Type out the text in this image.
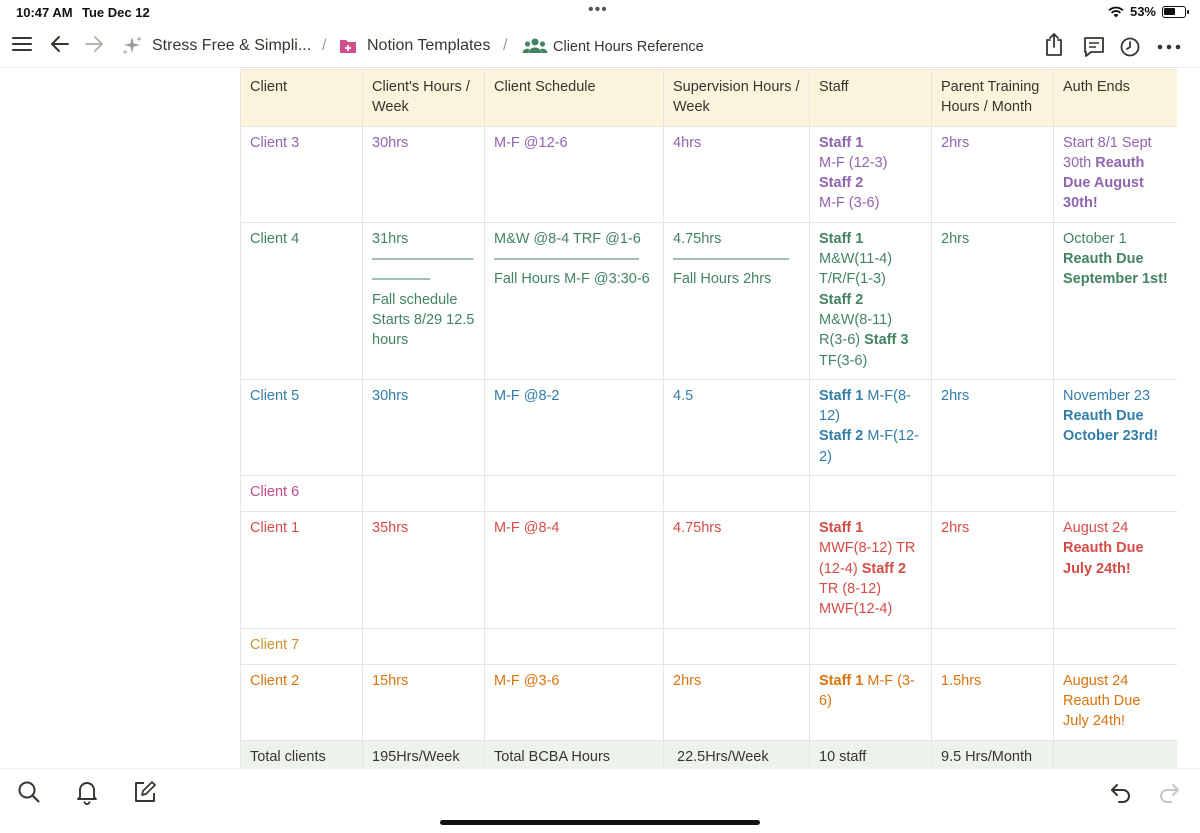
10:47 AM Tue Dec 12	•••	53%
Stress Free & Simpli... /	Notion Templates /	Client Hours Reference
Client	Client's Hours / Week	Client Schedule	Supervision Hours / Week	Staff	Parent Training Hours / Month	Auth Ends
Client 3	30hrs	M-F @12-6	4hrs	Staff 1
M-F (12-3)
Staff 2
M-F (3-6)	2hrs	Start 8/1 Sept 30th Reauth Due August 30th!
Client 4	31hrs
———————————
Fall schedule Starts 8/29 12.5 hours	M&W @8-4 TRF @1-6
——————————Fall Hours M-F @3:30-6	4.75hrs
————————
Fall Hours 2hrs	Staff 1
M&W(11-4) T/R/F(1-3)
Staff 2
M&W(8-11) R(3-6) Staff 3
TF(3-6)	2hrs	October 1
Reauth Due September 1st!
Client 5	30hrs	M-F @8-2	4.5	Staff 1 M-F(8-12)
Staff 2 M-F(12-2)	2hrs	November 23
Reauth Due October 23rd!
Client 6						
Client 1	35hrs	M-F @8-4	4.75hrs	Staff 1
MWF(8-12) TR (12-4) Staff 2 TR (8-12) MWF(12-4)	2hrs	August 24
Reauth Due July 24th!
Client 7						
Client 2	15hrs	M-F @3-6	2hrs	Staff 1 M-F (3-6)	1.5hrs	August 24
Reauth Due July 24th!
Total clients	195Hrs/Week	Total BCBA Hours	22.5Hrs/Week	10 staff	9.5 Hrs/Month	
